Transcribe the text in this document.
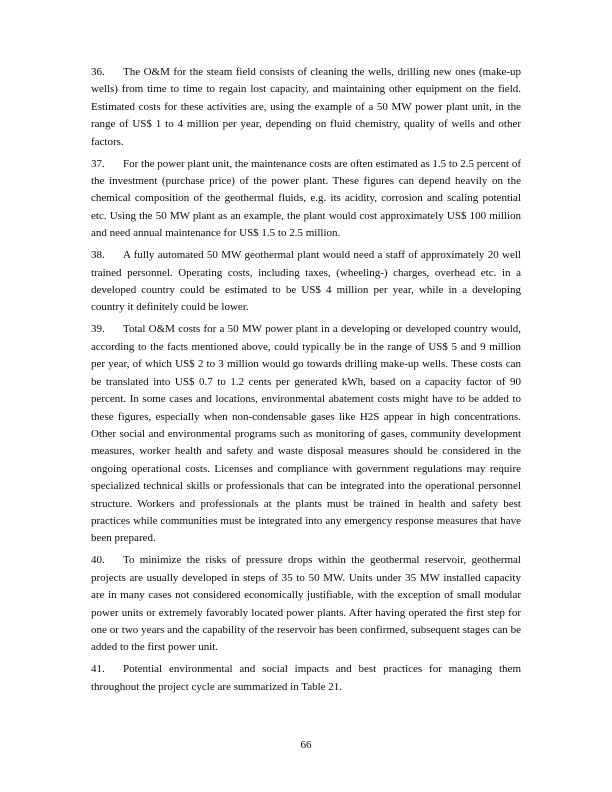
36. The O&M for the steam field consists of cleaning the wells, drilling new ones (make-up wells) from time to time to regain lost capacity, and maintaining other equipment on the field. Estimated costs for these activities are, using the example of a 50 MW power plant unit, in the range of US$ 1 to 4 million per year, depending on fluid chemistry, quality of wells and other factors.

37. For the power plant unit, the maintenance costs are often estimated as 1.5 to 2.5 percent of the investment (purchase price) of the power plant. These figures can depend heavily on the chemical composition of the geothermal fluids, e.g. its acidity, corrosion and scaling potential etc. Using the 50 MW plant as an example, the plant would cost approximately US$ 100 million and need annual maintenance for US$ 1.5 to 2.5 million.

38. A fully automated 50 MW geothermal plant would need a staff of approximately 20 well trained personnel. Operating costs, including taxes, (wheeling-) charges, overhead etc. in a developed country could be estimated to be US$ 4 million per year, while in a developing country it definitely could be lower.

39. Total O&M costs for a 50 MW power plant in a developing or developed country would, according to the facts mentioned above, could typically be in the range of US$ 5 and 9 million per year, of which US$ 2 to 3 million would go towards drilling make-up wells. These costs can be translated into US$ 0.7 to 1.2 cents per generated kWh, based on a capacity factor of 90 percent. In some cases and locations, environmental abatement costs might have to be added to these figures, especially when non-condensable gases like H2S appear in high concentrations. Other social and environmental programs such as monitoring of gases, community development measures, worker health and safety and waste disposal measures should be considered in the ongoing operational costs. Licenses and compliance with government regulations may require specialized technical skills or professionals that can be integrated into the operational personnel structure. Workers and professionals at the plants must be trained in health and safety best practices while communities must be integrated into any emergency response measures that have been prepared.

40. To minimize the risks of pressure drops within the geothermal reservoir, geothermal projects are usually developed in steps of 35 to 50 MW. Units under 35 MW installed capacity are in many cases not considered economically justifiable, with the exception of small modular power units or extremely favorably located power plants. After having operated the first step for one or two years and the capability of the reservoir has been confirmed, subsequent stages can be added to the first power unit.

41. Potential environmental and social impacts and best practices for managing them throughout the project cycle are summarized in Table 21.

66
